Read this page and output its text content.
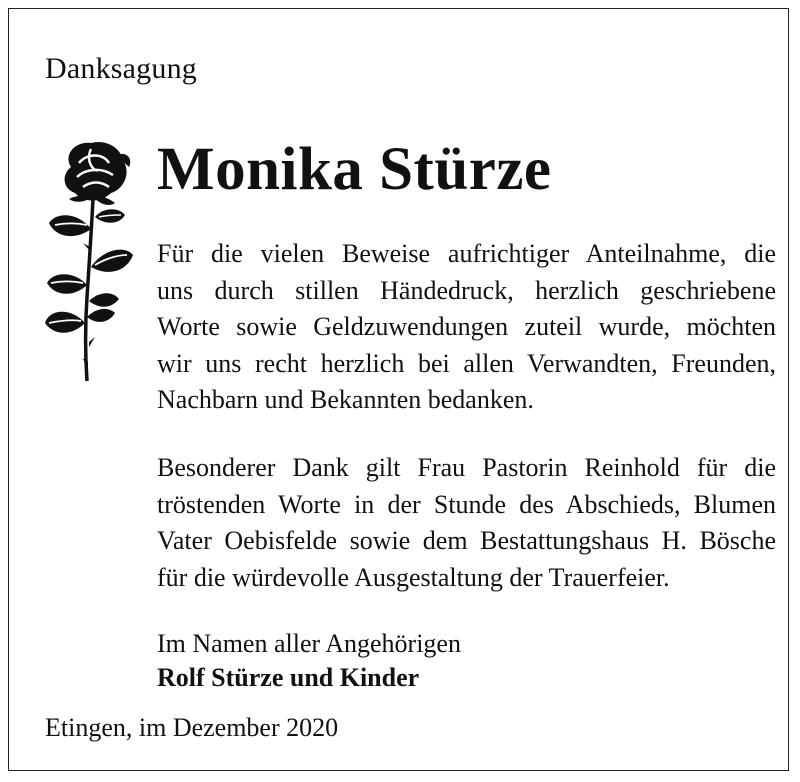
Danksagung
Monika Stürze

Für die vielen Beweise aufrichtiger Anteilnahme, die
uns durch stillen Händedruck, herzlich geschriebene
Worte sowie Geldzuwendungen zuteil wurde, möchten
wir uns recht herzlich bei allen Verwandten, Freunden,
Nachbarn und Bekannten bedanken.

Besonderer Dank gilt Frau Pastorin Reinhold für die
tröstenden Worte in der Stunde des Abschieds, Blumen
Vater Oebisfelde sowie dem Bestattungshaus H. Bösche
für die würdevolle Ausgestaltung der Trauerfeier.

Im Namen aller Angehörigen
Rolf Stürze und Kinder
Etingen, im Dezember 2020
